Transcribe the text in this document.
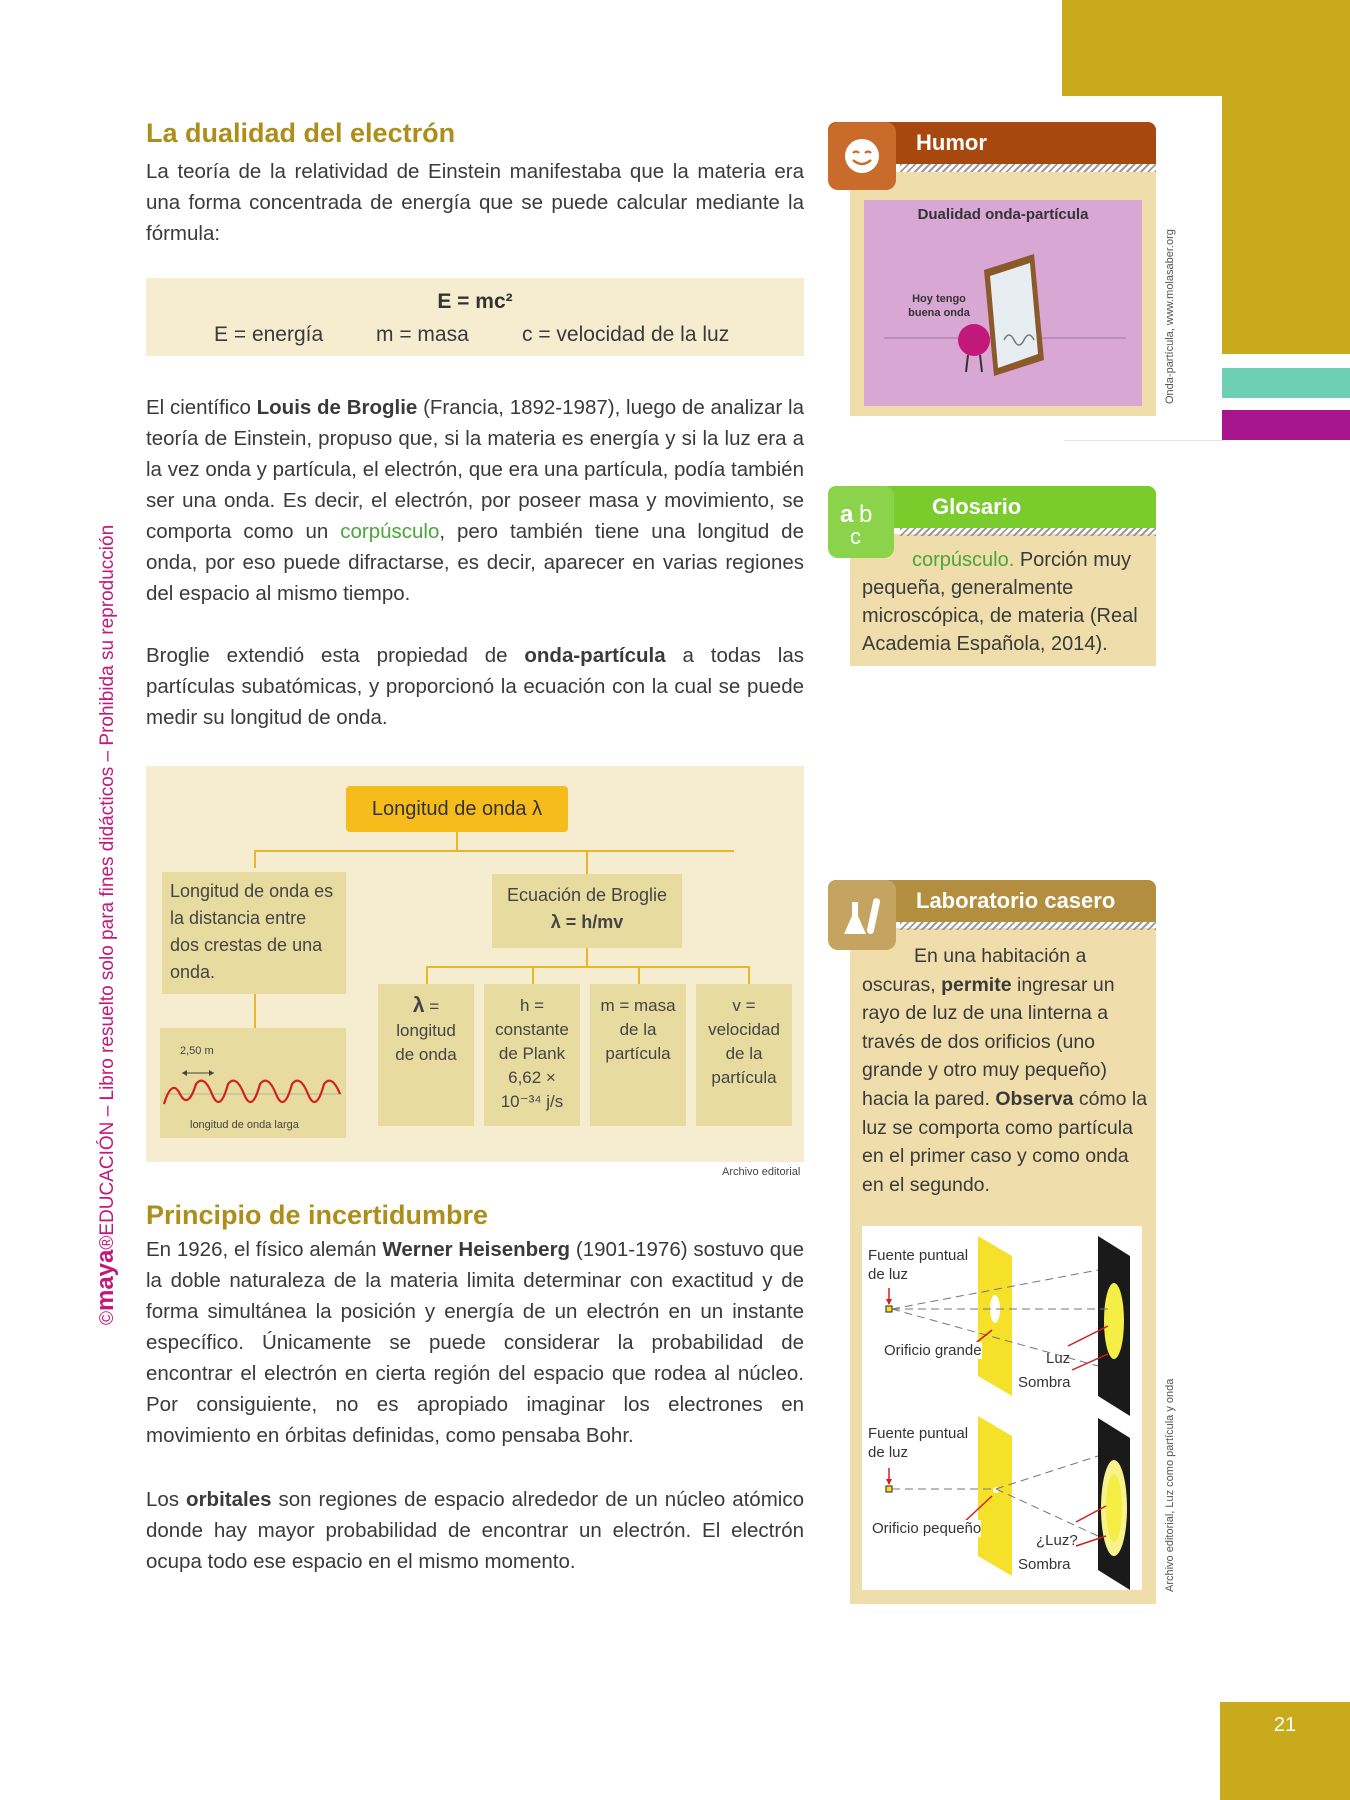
©maya®EDUCACIÓN – Libro resuelto solo para fines didácticos – Prohibida su reproducción
La dualidad del electrón

La teoría de la relatividad de Einstein manifestaba que la materia era una forma concentrada de energía que se puede calcular mediante la fórmula:

E = mc²
E = energía	m = masa	c = velocidad de la luz

El científico Louis de Broglie (Francia, 1892-1987), luego de analizar la teoría de Einstein, propuso que, si la materia es energía y si la luz era a la vez onda y partícula, el electrón, que era una partícula, podía también ser una onda. Es decir, el electrón, por poseer masa y movimiento, se comporta como un corpúsculo, pero también tiene una longitud de onda, por eso puede difractarse, es decir, aparecer en varias regiones del espacio al mismo tiempo.

Broglie extendió esta propiedad de onda-partícula a todas las partículas subatómicas, y proporcionó la ecuación con la cual se puede medir su longitud de onda.

Longitud de onda λ
Longitud de onda es la distancia entre dos crestas de una onda.
2,50 m
longitud de onda larga
Ecuación de Broglie
λ = h/mv
λ = longitud de onda
h = constante de Plank 6,62 × 10⁻³⁴ j/s
m = masa de la partícula
v = velocidad de la partícula
Archivo editorial
Principio de incertidumbre

En 1926, el físico alemán Werner Heisenberg (1901-1976) sostuvo que la doble naturaleza de la materia limita determinar con exactitud y de forma simultánea la posición y energía de un electrón en un instante específico. Únicamente se puede considerar la probabilidad de encontrar el electrón en cierta región del espacio que rodea al núcleo. Por consiguiente, no es apropiado imaginar los electrones en movimiento en órbitas definidas, como pensaba Bohr.

Los orbitales son regiones de espacio alrededor de un núcleo atómico donde hay mayor probabilidad de encontrar un electrón. El electrón ocupa todo ese espacio en el mismo momento.

Humor
Dualidad onda-partícula
Hoy tengo buena onda	Onda-partícula, www.molasaber.org
Glosario
a b
c

corpúsculo. Porción muy pequeña, generalmente microscópica, de materia (Real Academia Española, 2014).

Laboratorio casero

En una habitación a oscuras, permite ingresar un rayo de luz de una linterna a través de dos orificios (uno grande y otro muy pequeño) hacia la pared. Observa cómo la luz se comporta como partícula en el primer caso y como onda en el segundo.

Fuente puntual de luz
Orificio grande	Luz
Sombra
Fuente puntual de luz
Orificio pequeño
¿Luz?
Sombra	Archivo editorial, Luz como partícula y onda
21
